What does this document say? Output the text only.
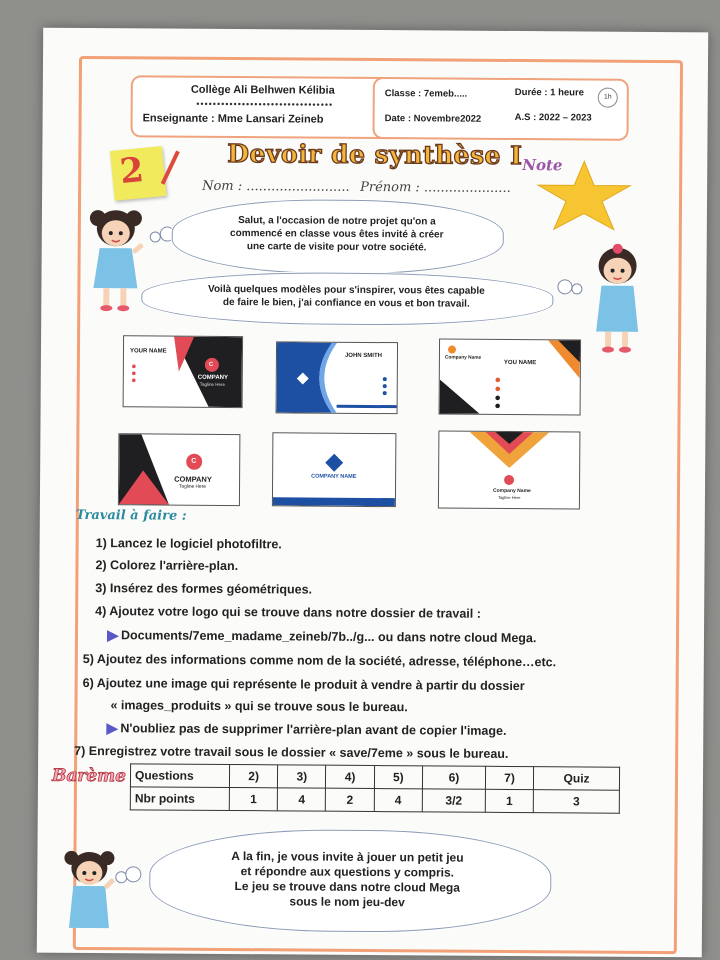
Collège Ali Belhwen Kélibia
•••••••••••••••••••••••••••••••••
Enseignante : Mme Lansari Zeineb
Classe : 7emeb.....	Durée : 1 heure	1h
Date : Novembre2022	A.S : 2022 – 2023
2	Devoir de synthèse I Note
Nom : ......................... Prénom : .....................
Salut, a l'occasion de notre projet qu'on a
commencé en classe vous êtes invité à créer
une carte de visite pour votre société.
Voilà quelques modèles pour s'inspirer, vous êtes capable
de faire le bien, j'ai confiance en vous et bon travail.
YOUR NAME
C
COMPANY
Tagline Here
JOHN SMITH	Company Name
YOU NAME
C
COMPANY
Tagline Here
COMPANY NAME
Company Name
Tagline Here
Travail à faire :
1) Lancez le logiciel photofiltre.
2) Colorez l'arrière-plan.
3) Insérez des formes géométriques.
4) Ajoutez votre logo qui se trouve dans notre dossier de travail :
Documents/7eme_madame_zeineb/7b../g... ou dans notre cloud Mega.
5) Ajoutez des informations comme nom de la société, adresse, téléphone…etc.
6) Ajoutez une image qui représente le produit à vendre à partir du dossier
« images_produits » qui se trouve sous le bureau.
N'oubliez pas de supprimer l'arrière-plan avant de copier l'image.
7) Enregistrez votre travail sous le dossier « save/7eme » sous le bureau.
Barème Questions	2)	3)	4)	5)	6)	7)	Quiz
Nbr points	1	4	2	4	3/2	1	3
A la fin, je vous invite à jouer un petit jeu
et répondre aux questions y compris.
Le jeu se trouve dans notre cloud Mega
sous le nom jeu-dev
